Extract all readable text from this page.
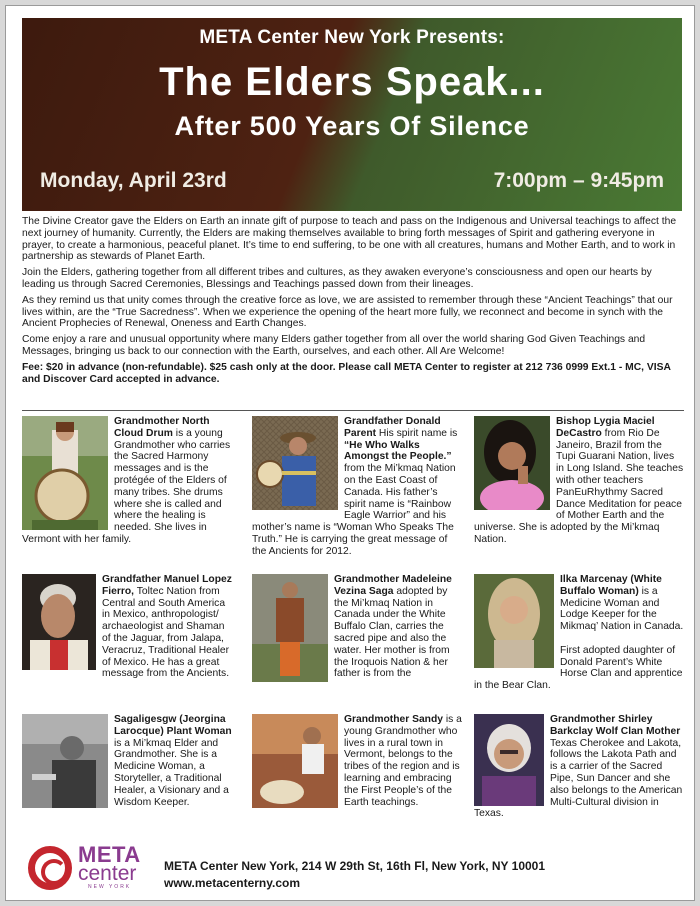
META Center New York Presents:
The Elders Speak...
After 500 Years Of Silence
Monday, April 23rd	7:00pm – 9:45pm

The Divine Creator gave the Elders on Earth an innate gift of purpose to teach and pass on the Indigenous and Universal teachings to affect the next journey of humanity. Currently, the Elders are making themselves available to bring forth messages of Spirit and gathering everyone in prayer, to create a harmonious, peaceful planet. It’s time to end suffering, to be one with all creatures, humans and Mother Earth, and to work in partnership as stewards of Planet Earth.

Join the Elders, gathering together from all different tribes and cultures, as they awaken everyone’s consciousness and open our hearts by leading us through Sacred Ceremonies, Blessings and Teachings passed down from their lineages.

As they remind us that unity comes through the creative force as love, we are assisted to remember through these “Ancient Teachings” that our lives within, are the “True Sacredness”. When we experience the opening of the heart more fully, we reconnect and become in synch with the Ancient Prophecies of Renewal, Oneness and Earth Changes.

Come enjoy a rare and unusual opportunity where many Elders gather together from all over the world sharing God Given Teachings and Messages, bringing us back to our connection with the Earth, ourselves, and each other. All Are Welcome!

Fee: $20 in advance (non-refundable). $25 cash only at the door. Please call META Center to register at 212 736 0999 Ext.1 - MC, VISA and Discover Card accepted in advance.

Grandmother North Cloud Drum is a young Grandmother who carries the Sacred Harmony messages and is the protégée of the Elders of many tribes. She drums where she is called and where the healing is needed. She lives in Vermont with her family.
Grandfather Donald Parent His spirit name is “He Who Walks Amongst the People.” from the Mi’kmaq Nation on the East Coast of Canada. His father’s spirit name is “Rainbow Eagle Warrior” and his mother’s name is “Woman Who Speaks The Truth.” He is carrying the great message of the Ancients for 2012.
Bishop Lygia Maciel DeCastro from Rio De Janeiro, Brazil from the Tupi Guarani Nation, lives in Long Island. She teaches with other teachers PanEuRhythmy Sacred Dance Meditation for peace of Mother Earth and the universe. She is adopted by the Mi’kmaq Nation.
Grandfather Manuel Lopez Fierro, Toltec Nation from Central and South America in Mexico, anthropologist/ archaeologist and Shaman of the Jaguar, from Jalapa, Veracruz, Traditional Healer of Mexico. He has a great message from the Ancients.
Grandmother Madeleine Vezina Saga adopted by the Mi’kmaq Nation in Canada under the White Buffalo Clan, carries the sacred pipe and also the water. Her mother is from the Iroquois Nation & her father is from the
Ilka Marcenay (White Buffalo Woman) is a Medicine Woman and Lodge Keeper for the Mikmaq’ Nation in Canada.

First adopted daughter of Donald Parent’s White Horse Clan and apprentice in the Bear Clan.
Sagaligesgw (Jeorgina Larocque) Plant Woman is a Mi’kmaq Elder and Grandmother. She is a Medicine Woman, a Storyteller, a Traditional Healer, a Visionary and a Wisdom Keeper.
Grandmother Sandy is a young Grandmother who lives in a rural town in Vermont, belongs to the tribes of the region and is learning and embracing the First People’s of the Earth teachings.
Grandmother Shirley Barkclay Wolf Clan Mother Texas Cherokee and Lakota, follows the Lakota Path and is a carrier of the Sacred Pipe, Sun Dancer and she also belongs to the American Multi-Cultural division in Texas.
META
center
NEW YORK
META Center New York, 214 W 29th St, 16th Fl, New York, NY 10001
www.metacenterny.com
